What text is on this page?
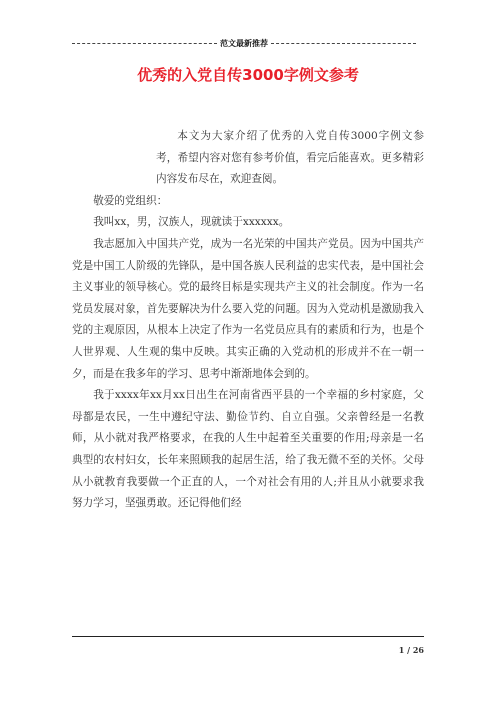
范文最新推荐
优秀的入党自传3000字例文参考

本文为大家介绍了优秀的入党自传3000字例文参考，希望内容对您有参考价值，看完后能喜欢。更多精彩内容发布尽在，欢迎查阅。

敬爱的党组织：

我叫xx，男，汉族人，现就读于xxxxxx。

我志愿加入中国共产党，成为一名光荣的中国共产党员。因为中国共产党是中国工人阶级的先锋队，是中国各族人民利益的忠实代表，是中国社会主义事业的领导核心。党的最终目标是实现共产主义的社会制度。作为一名党员发展对象，首先要解决为什么要入党的问题。因为入党动机是激励我入党的主观原因，从根本上决定了作为一名党员应具有的素质和行为，也是个人世界观、人生观的集中反映。其实正确的入党动机的形成并不在一朝一夕，而是在我多年的学习、思考中渐渐地体会到的。

我于xxxx年xx月xx日出生在河南省西平县的一个幸福的乡村家庭，父母都是农民，一生中遵纪守法、勤俭节约、自立自强。父亲曾经是一名教师，从小就对我严格要求，在我的人生中起着至关重要的作用;母亲是一名典型的农村妇女，长年来照顾我的起居生活，给了我无微不至的关怀。父母从小就教育我要做一个正直的人，一个对社会有用的人;并且从小就要求我努力学习，坚强勇敢。还记得他们经

1 / 26
